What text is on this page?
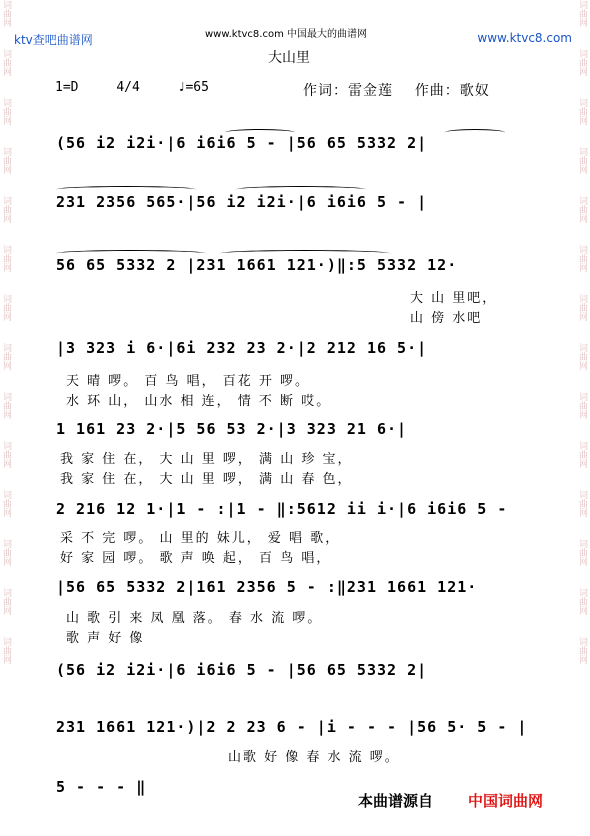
词曲网
词曲网
词曲网
词曲网
词曲网
词曲网
词曲网
词曲网
词曲网
词曲网
词曲网
词曲网
词曲网
词曲网
词曲网
词曲网
词曲网
词曲网
词曲网
词曲网
词曲网
词曲网
词曲网
词曲网
词曲网
词曲网
词曲网
词曲网
ktv查吧曲谱网	www.ktvc8.com
www.ktvc8.com 中国最大的曲谱网
大山里
1=D	4/4	♩=65	作词：雷金莲 作曲：歌奴
(56 i2 i2i·|6 i6i6 5 - |56 65 5332 2|
231 2356 565·|56 i2 i2i·|6 i6i6 5 - |
56 65 5332 2 |231 1661 121·)‖:5 5332 12·
大 山 里吧，
山 傍 水吧
|3 323 i 6·|6i 232 23 2·|2 212 16 5·|
天 晴 啰。 百 鸟 唱， 百花 开 啰。
水 环 山， 山水 相 连， 情 不 断 哎。
1 161 23 2·|5 56 53 2·|3 323 21 6·|
我 家 住 在， 大 山 里 啰， 满 山 珍 宝，
我 家 住 在， 大 山 里 啰， 满 山 春 色，
2 216 12 1·|1 - :|1 - ‖:5612 ii i·|6 i6i6 5 -
采 不 完 啰。 山 里的 妹儿， 爱 唱 歌，
好 家 园 啰。 歌 声 唤 起， 百 鸟 唱，
|56 65 5332 2|161 2356 5 - :‖231 1661 121·
山 歌 引 来 凤 凰 落。 春 水 流 啰。
歌 声 好 像
(56 i2 i2i·|6 i6i6 5 - |56 65 5332 2|
231 1661 121·)|2 2 23 6 - |i - - - |56 5· 5 - |
山歌 好 像 春 水 流 啰。
5 - - - ‖
本曲谱源自 中国词曲网
